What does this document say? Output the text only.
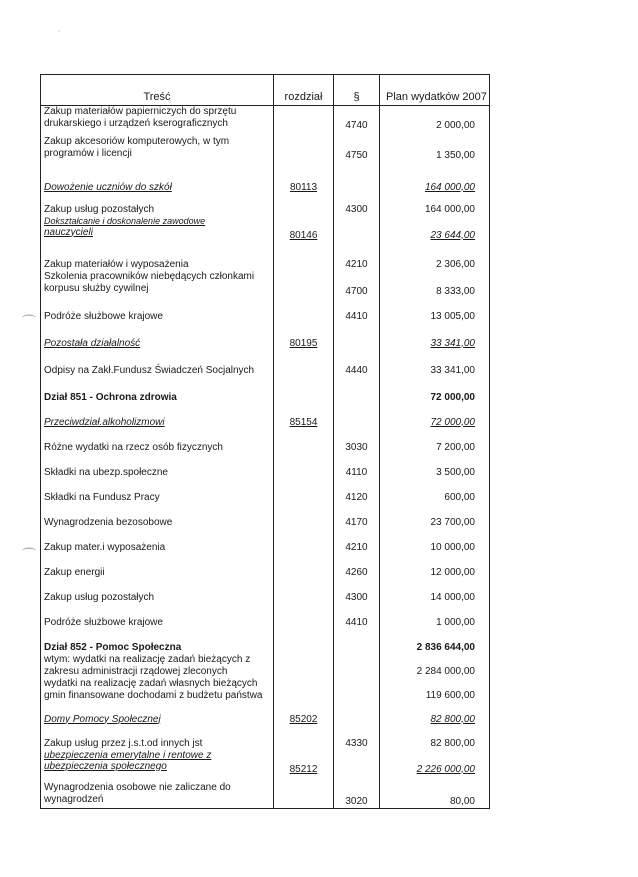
˙
⌒
⌒
Treść	rozdział	§	Plan wydatków 2007

Zakup materiałów papierniczych do sprzętu
drukarskiego i urządzeń kserograficznych		4740	2 000,00

Zakup akcesoriów komputerowych, w tym
programów i licencji		4750	1 350,00
Dowożenie uczniów do szkół	80113		164 000,00
Zakup usług pozostałych		4300	164 000,00

Dokształcanie i doskonalenie zawodowe
nauczycieli	80146		23 644,00
Zakup materiałów i wyposażenia		4210	2 306,00

Szkolenia pracowników niebędących członkami
korpusu służby cywilnej		4700	8 333,00
Podróże służbowe krajowe		4410	13 005,00
Pozostała działalność	80195		33 341,00
Odpisy na Zakł.Fundusz Świadczeń Socjalnych		4440	33 341,00
Dział 851 - Ochrona zdrowia			72 000,00
Przeciwdział.alkoholizmowi	85154		72 000,00
Różne wydatki na rzecz osób fizycznych		3030	7 200,00
Składki na ubezp.społeczne		4110	3 500,00
Składki na Fundusz Pracy		4120	600,00
Wynagrodzenia bezosobowe		4170	23 700,00
Zakup mater.i wyposażenia		4210	10 000,00
Zakup energii		4260	12 000,00
Zakup usług pozostałych		4300	14 000,00
Podróże służbowe krajowe		4410	1 000,00
Dział 852 - Pomoc Społeczna			2 836 644,00

wtym: wydatki na realizację zadań bieżących z
zakresu administracji rządowej zleconych			2 284 000,00

wydatki na realizację zadań własnych bieżących
gmin finansowane dochodami z budżetu państwa			119 600,00
Domy Pomocy Społecznej	85202		82 800,00
Zakup usług przez j.s.t.od innych jst		4330	82 800,00

ubezpieczenia emerytalne i rentowe z
ubezpieczenia społecznego	85212		2 226 000,00

Wynagrodzenia osobowe nie zaliczane do
wynagrodzeń		3020	80,00
